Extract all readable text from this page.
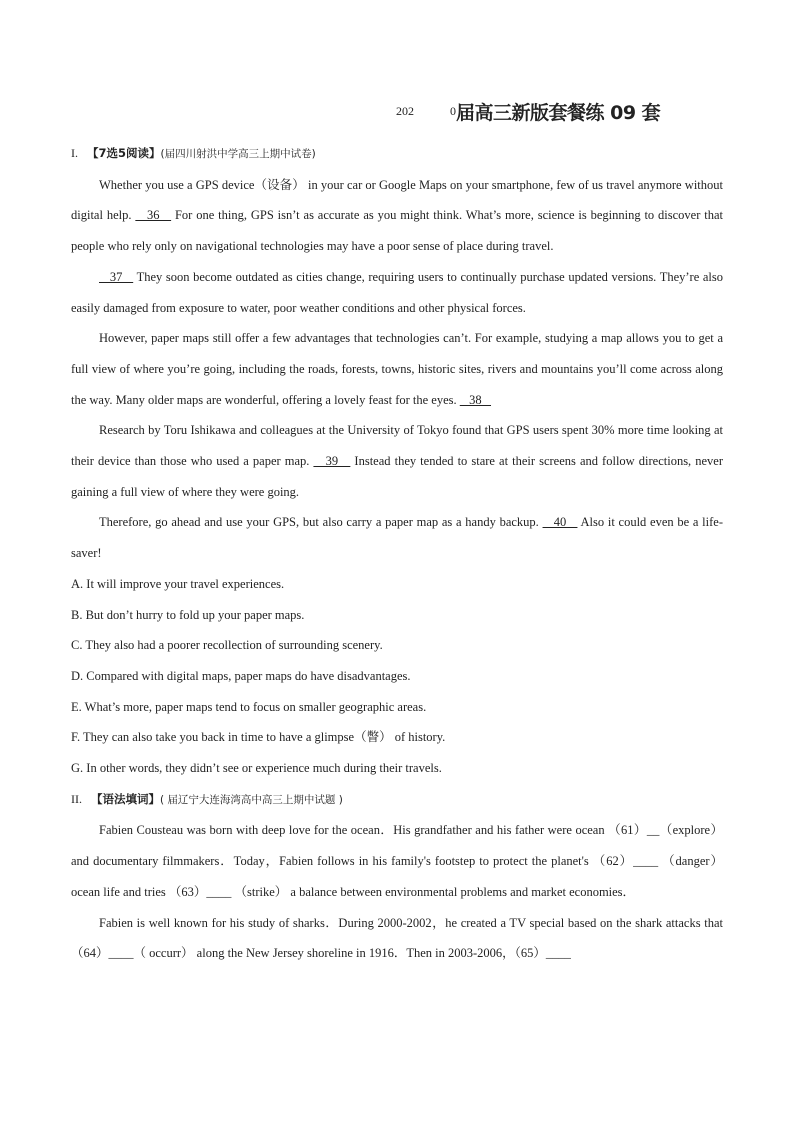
202	0届高三新版套餐练 09 套

I. 【7选5阅读】(届四川射洪中学高三上期中试卷)

Whether you use a GPS device（设备） in your car or Google Maps on your smartphone, few of us travel anymore without digital help.    36    For one thing, GPS isn’t as accurate as you might think. What’s more, science is beginning to discover that people who rely only on navigational technologies may have a poor sense of place during travel.

37    They soon become outdated as cities change, requiring users to continually purchase updated versions. They’re also easily damaged from exposure to water, poor weather conditions and other physical forces.

However, paper maps still offer a few advantages that technologies can’t. For example, studying a map allows you to get a full view of where you’re going, including the roads, forests, towns, historic sites, rivers and mountains you’ll come across along the way. Many older maps are wonderful, offering a lovely feast for the eyes.    38

Research by Toru Ishikawa and colleagues at the University of Tokyo found that GPS users spent 30% more time looking at their device than those who used a paper map.    39    Instead they tended to stare at their screens and follow directions, never gaining a full view of where they were going.

Therefore, go ahead and use your GPS, but also carry a paper map as a handy backup.    40    Also it could even be a life-saver!

A. It will improve your travel experiences.

B. But don’t hurry to fold up your paper maps.

C. They also had a poorer recollection of surrounding scenery.

D. Compared with digital maps, paper maps do have disadvantages.

E. What’s more, paper maps tend to focus on smaller geographic areas.

F. They can also take you back in time to have a glimpse（瞥） of history.

G. In other words, they didn’t see or experience much during their travels.

II. 【语法填词】( 届辽宁大连海湾高中高三上期中试题 )

Fabien Cousteau was born with deep love for the ocean．His grandfather and his father were ocean （61）__（explore） and documentary filmmakers．Today，Fabien follows in his family's footstep to protect the planet's （62）____ （danger） ocean life and tries （63）____ （strike） a balance between environmental problems and market economies．

Fabien is well known for his study of sharks．During 2000-2002，he created a TV special based on the shark attacks that （64）____（ occurr） along the New Jersey shoreline in 1916．Then in 2003-2006，（65）____
